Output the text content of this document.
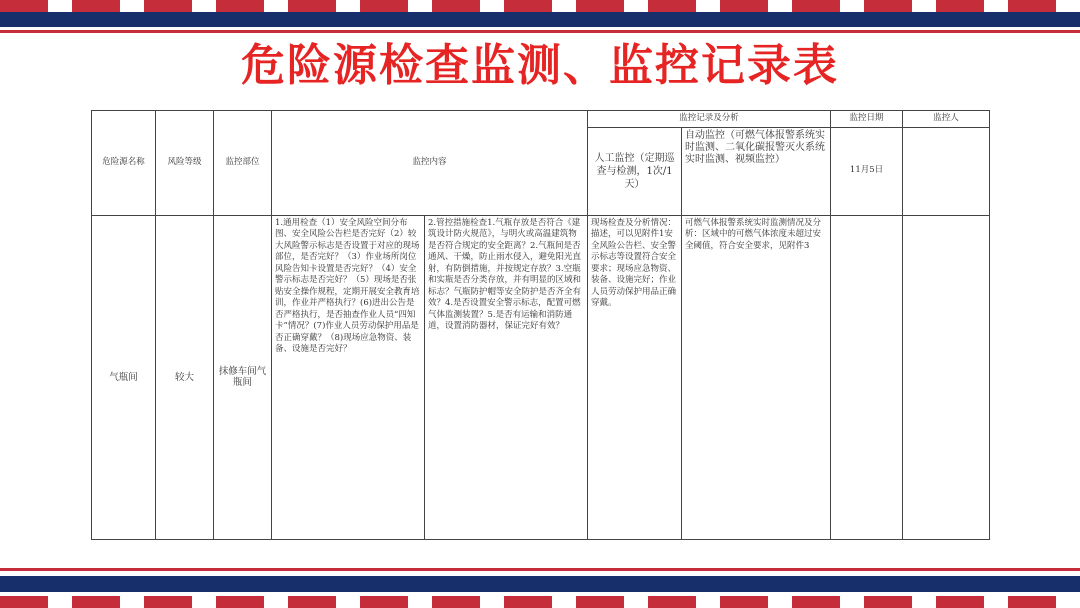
危险源检查监测、监控记录表
危险源名称	风险等级	监控部位	监控内容		监控记录及分析		监控日期	监控人
					人工监控（定期巡查与检测，1次/1天）	自动监控（可燃气体报警系统实时监测、二氧化碳报警灭火系统实时监测、视频监控）	11月5日	
气瓶间	较大	抹修车间气瓶间	1.通用检查（1）安全风险空间分布图、安全风险公告栏是否完好（2）较大风险警示标志是否设置于对应的现场部位，是否完好？（3）作业场所岗位风险告知卡设置是否完好？（4）安全警示标志是否完好？（5）现场是否张贴安全操作规程，定期开展安全教育培训，作业并严格执行？(6)进出公告是否严格执行，是否抽查作业人员“四知卡”情况？(7)作业人员劳动保护用品是否正确穿戴？（8)现场应急物资、装备、设施是否完好？	2.管控措施检查1.气瓶存放是否符合《建筑设计防火规范》，与明火或高温建筑物是否符合规定的安全距离？2.气瓶间是否通风、干燥，防止雨水侵入，避免阳光直射，有防倒措施，并按规定存放？3.空瓶和实瓶是否分类存放，并有明显的区域和标志？气瓶防护帽等安全防护是否齐全有效？4.是否设置安全警示标志，配置可燃气体监测装置？5.是否有运输和消防通道，设置消防器材，保证完好有效？	现场检查及分析情况：描述，可以见附件1安全风险公告栏、安全警示标志等设置符合安全要求；现场应急物资、装备、设施完好；作业人员劳动保护用品正确穿戴。	可燃气体报警系统实时监测情况及分析：区域中的可燃气体浓度未超过安全阈值，符合安全要求，见附件3		
